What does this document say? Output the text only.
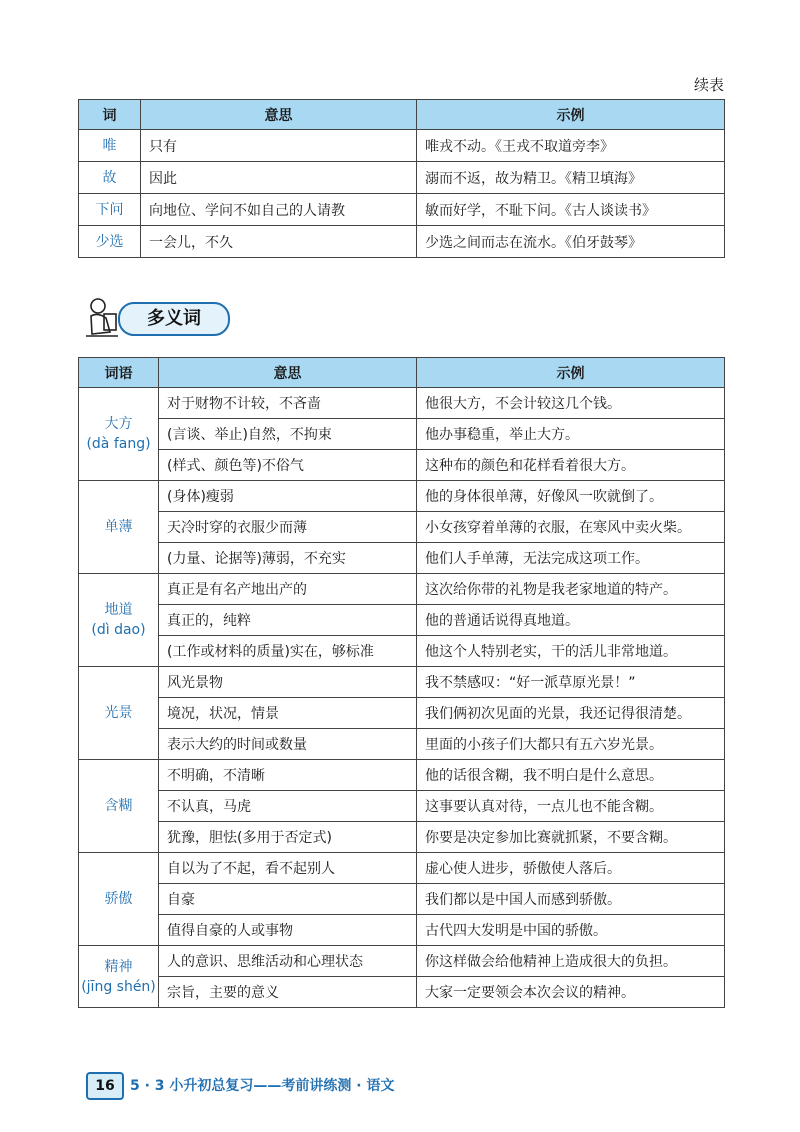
续表
词	意思	示例
唯	只有	唯戎不动。《王戎不取道旁李》
故	因此	溺而不返，故为精卫。《精卫填海》
下问	向地位、学问不如自己的人请教	敏而好学，不耻下问。《古人谈读书》
少选	一会儿，不久	少选之间而志在流水。《伯牙鼓琴》
多义词
词语	意思	示例

大方
(dà fang)	对于财物不计较，不吝啬	他很大方，不会计较这几个钱。
	(言谈、举止)自然，不拘束	他办事稳重，举止大方。
	(样式、颜色等)不俗气	这种布的颜色和花样看着很大方。

单薄	(身体)瘦弱	他的身体很单薄，好像风一吹就倒了。
	天冷时穿的衣服少而薄	小女孩穿着单薄的衣服，在寒风中卖火柴。
	(力量、论据等)薄弱，不充实	他们人手单薄，无法完成这项工作。

地道
(dì dao)	真正是有名产地出产的	这次给你带的礼物是我老家地道的特产。
	真正的，纯粹	他的普通话说得真地道。
	(工作或材料的质量)实在，够标准	他这个人特别老实，干的活儿非常地道。

光景	风光景物	我不禁感叹：“好一派草原光景！”
	境况，状况，情景	我们俩初次见面的光景，我还记得很清楚。
	表示大约的时间或数量	里面的小孩子们大都只有五六岁光景。

含糊	不明确，不清晰	他的话很含糊，我不明白是什么意思。
	不认真，马虎	这事要认真对待，一点儿也不能含糊。
	犹豫，胆怯(多用于否定式)	你要是决定参加比赛就抓紧，不要含糊。

骄傲	自以为了不起，看不起别人	虚心使人进步，骄傲使人落后。
	自豪	我们都以是中国人而感到骄傲。
	值得自豪的人或事物	古代四大发明是中国的骄傲。

精神
(jīng shén)	人的意识、思维活动和心理状态	你这样做会给他精神上造成很大的负担。
	宗旨，主要的意义	大家一定要领会本次会议的精神。
16	5 · 3 小升初总复习——考前讲练测 · 语文
